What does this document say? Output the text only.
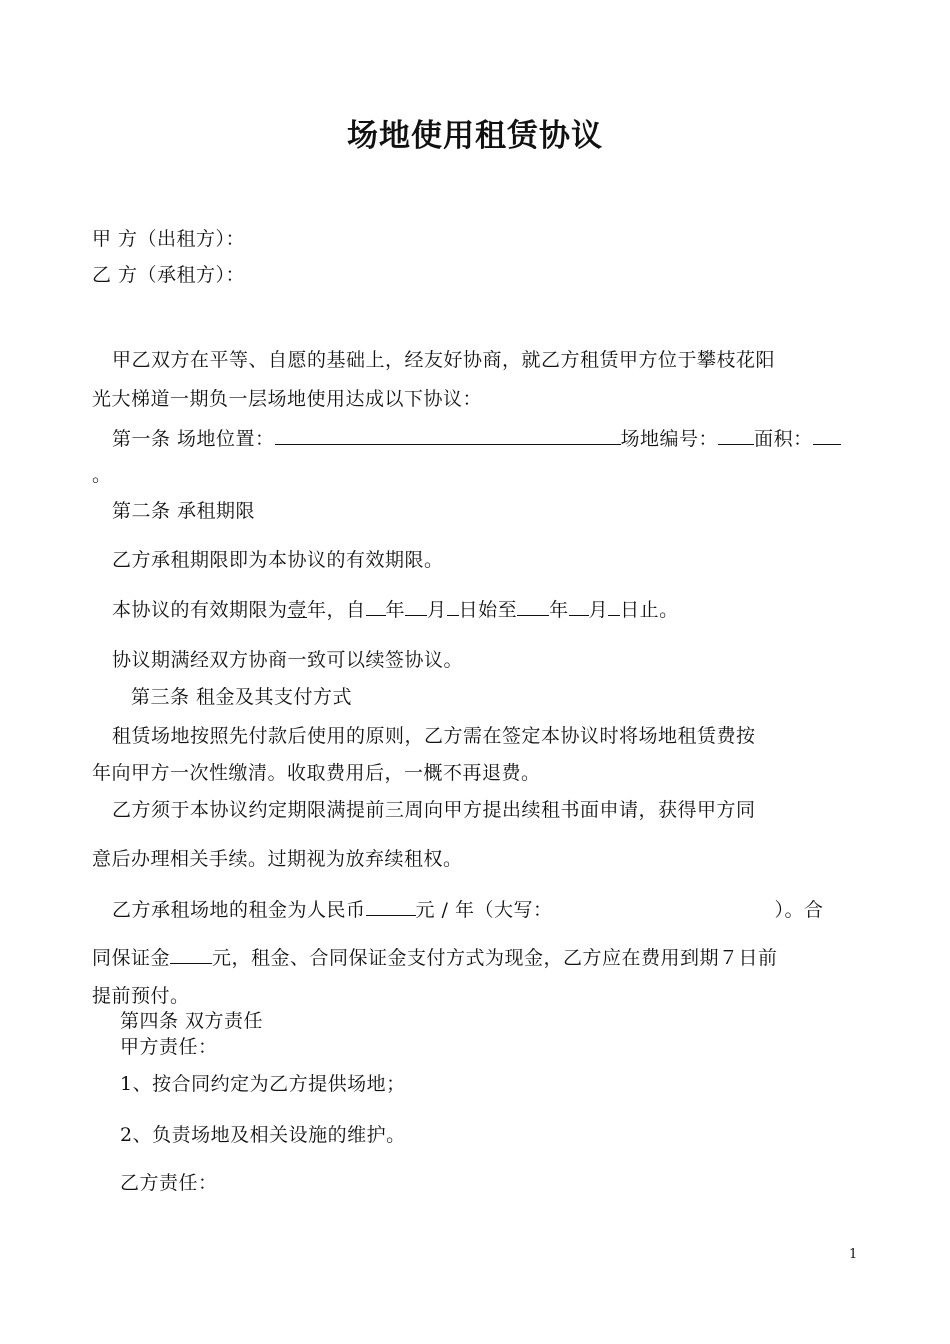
场地使用租赁协议
甲 方（出租方）：
乙 方（承租方）：
甲乙双方在平等、自愿的基础上，经友好协商，就乙方租赁甲方位于攀枝花阳
光大梯道一期负一层场地使用达成以下协议：
第一条 场地位置：	场地编号： 面积：
。
第二条 承租期限
乙方承租期限即为本协议的有效期限。
本协议的有效期限为壹年，自 年 月 日始至 年 月 日止。
协议期满经双方协商一致可以续签协议。
第三条 租金及其支付方式
租赁场地按照先付款后使用的原则，乙方需在签定本协议时将场地租赁费按
年向甲方一次性缴清。收取费用后，一概不再退费。
乙方须于本协议约定期限满提前三周向甲方提出续租书面申请，获得甲方同
意后办理相关手续。过期视为放弃续租权。
乙方承租场地的租金为人民币	元 / 年（大写：	）。合
同保证金 元，租金、合同保证金支付方式为现金，乙方应在费用到期７日前
提前预付。
第四条 双方责任
甲方责任：
1、按合同约定为乙方提供场地；
2、负责场地及相关设施的维护。
乙方责任：
1
